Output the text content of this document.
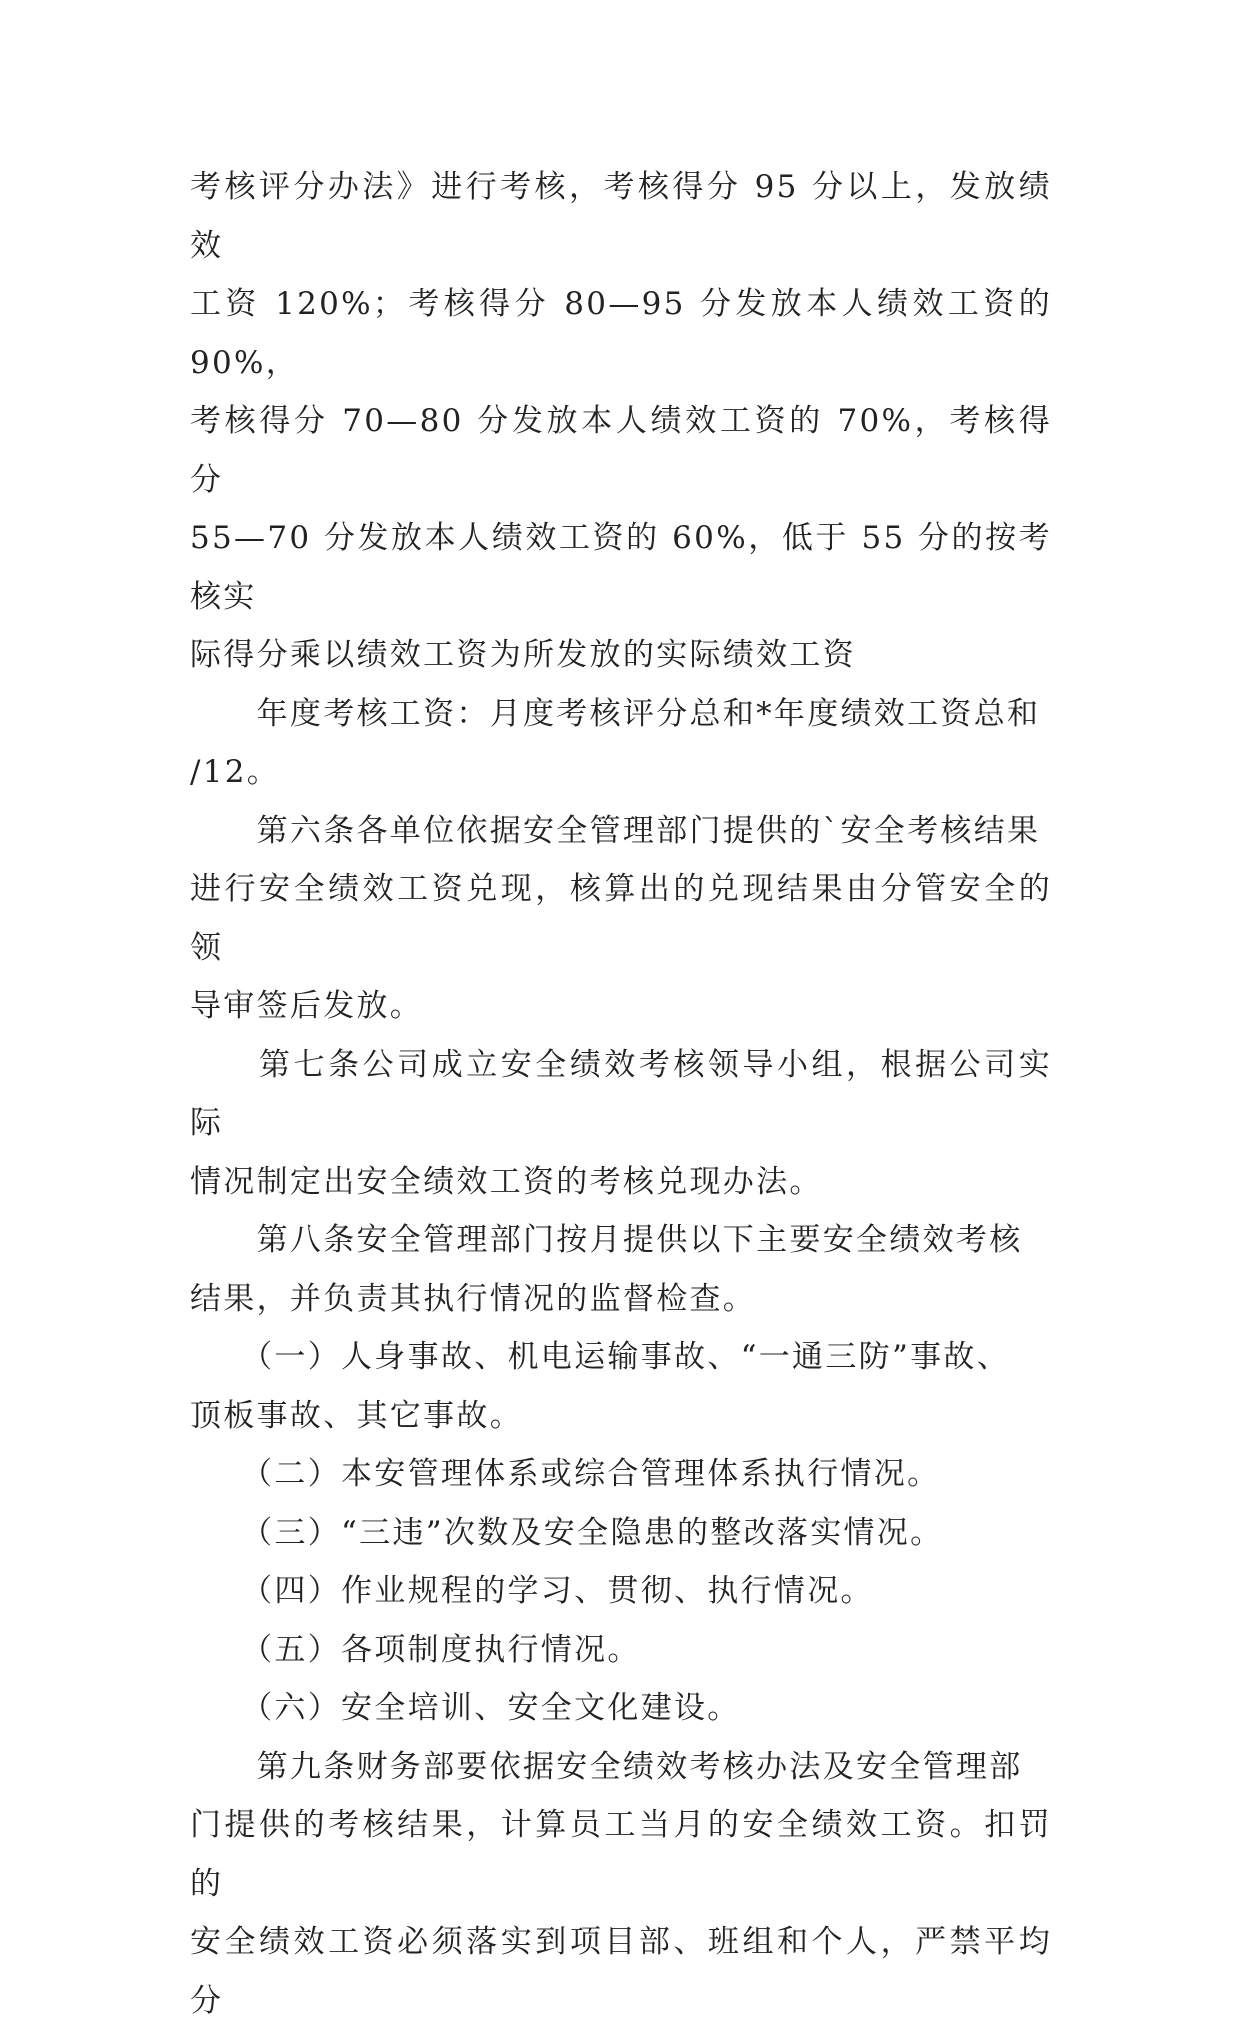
考核评分办法》进行考核，考核得分 95 分以上，发放绩效

工资 120%；考核得分 80—95 分发放本人绩效工资的 90%，

考核得分 70—80 分发放本人绩效工资的 70%，考核得分

55—70 分发放本人绩效工资的 60%，低于 55 分的按考核实

际得分乘以绩效工资为所发放的实际绩效工资

　　年度考核工资：月度考核评分总和*年度绩效工资总和

/12。

　　第六条各单位依据安全管理部门提供的`安全考核结果

进行安全绩效工资兑现，核算出的兑现结果由分管安全的领

导审签后发放。

　　第七条公司成立安全绩效考核领导小组，根据公司实际

情况制定出安全绩效工资的考核兑现办法。

　　第八条安全管理部门按月提供以下主要安全绩效考核

结果，并负责其执行情况的监督检查。

　　（一）人身事故、机电运输事故、“一通三防”事故、

顶板事故、其它事故。

　　（二）本安管理体系或综合管理体系执行情况。

　　（三）“三违”次数及安全隐患的整改落实情况。

　　（四）作业规程的学习、贯彻、执行情况。

　　（五）各项制度执行情况。

　　（六）安全培训、安全文化建设。

　　第九条财务部要依据安全绩效考核办法及安全管理部

门提供的考核结果，计算员工当月的安全绩效工资。扣罚的

安全绩效工资必须落实到项目部、班组和个人，严禁平均分
